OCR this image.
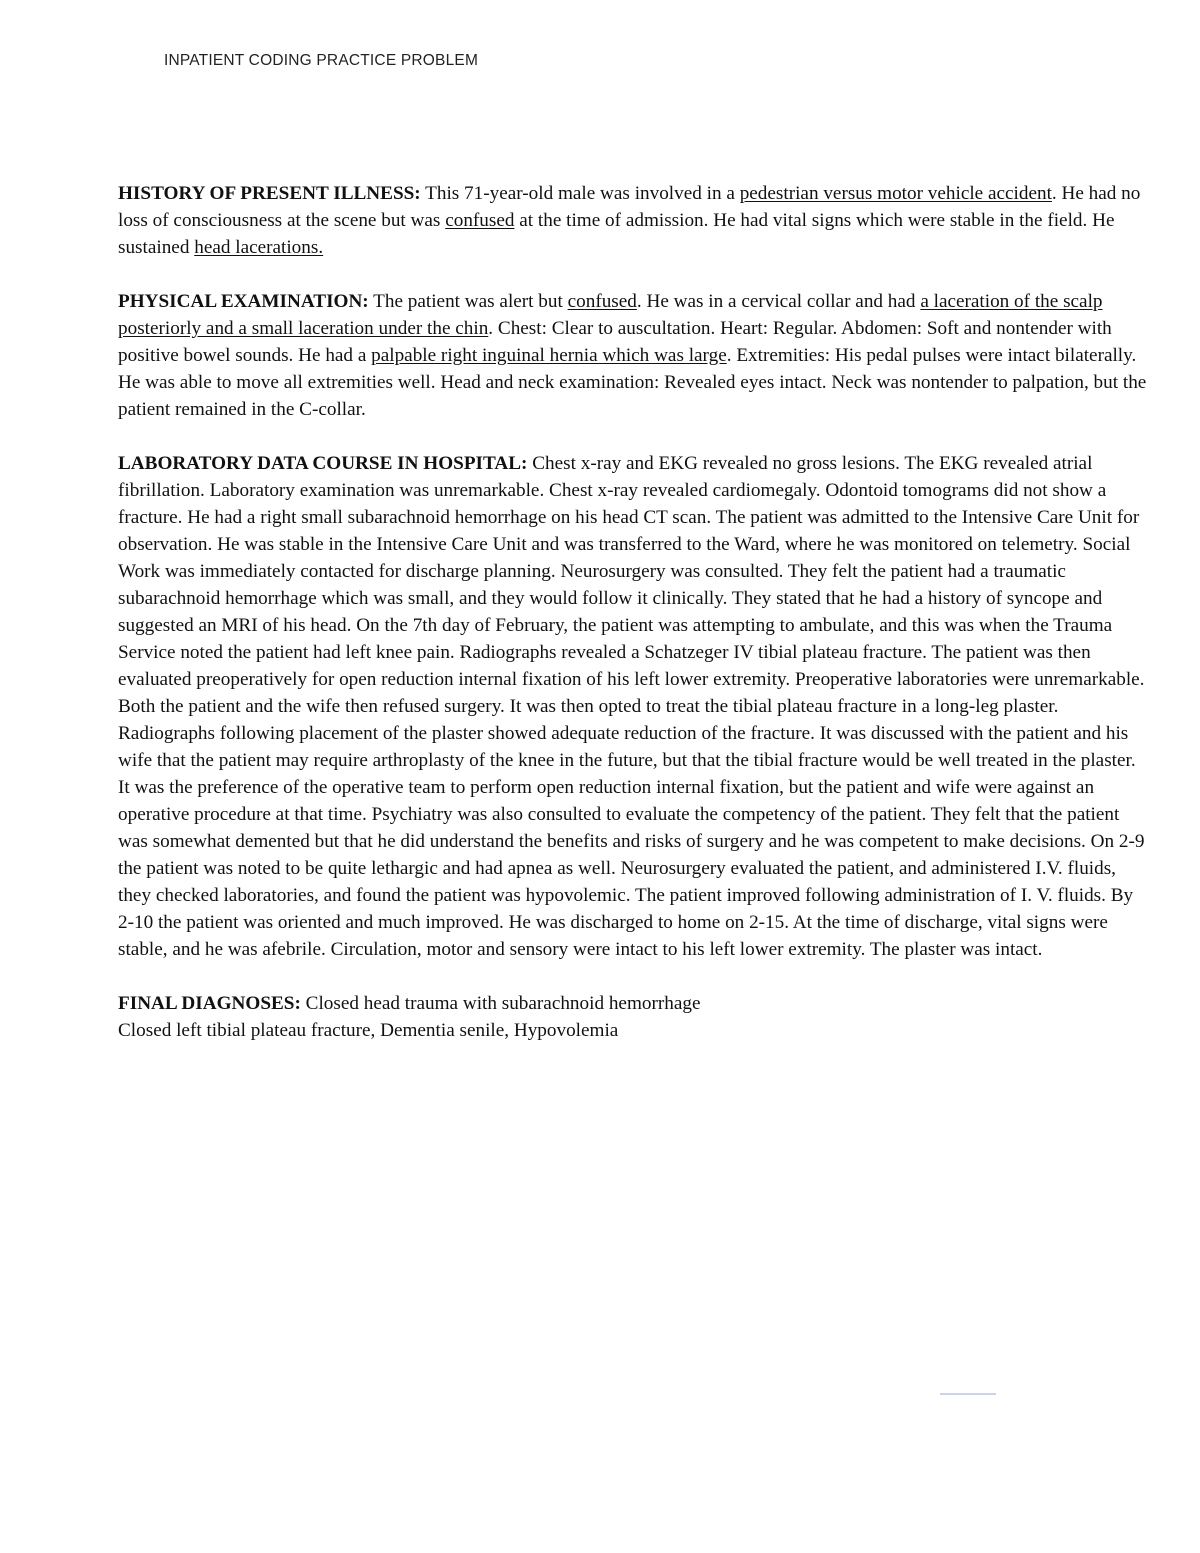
INPATIENT CODING PRACTICE PROBLEM

HISTORY OF PRESENT ILLNESS: This 71-year-old male was involved in a pedestrian versus motor vehicle accident. He had no loss of consciousness at the scene but was confused at the time of admission. He had vital signs which were stable in the field. He sustained head lacerations.

PHYSICAL EXAMINATION: The patient was alert but confused. He was in a cervical collar and had a laceration of the scalp posteriorly and a small laceration under the chin. Chest: Clear to auscultation. Heart: Regular. Abdomen: Soft and nontender with positive bowel sounds. He had a palpable right inguinal hernia which was large. Extremities: His pedal pulses were intact bilaterally. He was able to move all extremities well. Head and neck examination: Revealed eyes intact. Neck was nontender to palpation, but the patient remained in the C-collar.

LABORATORY DATA COURSE IN HOSPITAL: Chest x-ray and EKG revealed no gross lesions. The EKG revealed atrial fibrillation. Laboratory examination was unremarkable. Chest x-ray revealed cardiomegaly. Odontoid tomograms did not show a fracture. He had a right small subarachnoid hemorrhage on his head CT scan. The patient was admitted to the Intensive Care Unit for observation. He was stable in the Intensive Care Unit and was transferred to the Ward, where he was monitored on telemetry. Social Work was immediately contacted for discharge planning. Neurosurgery was consulted. They felt the patient had a traumatic subarachnoid hemorrhage which was small, and they would follow it clinically. They stated that he had a history of syncope and suggested an MRI of his head. On the 7th day of February, the patient was attempting to ambulate, and this was when the Trauma Service noted the patient had left knee pain. Radiographs revealed a Schatzeger IV tibial plateau fracture. The patient was then evaluated preoperatively for open reduction internal fixation of his left lower extremity. Preoperative laboratories were unremarkable. Both the patient and the wife then refused surgery. It was then opted to treat the tibial plateau fracture in a long-leg plaster. Radiographs following placement of the plaster showed adequate reduction of the fracture. It was discussed with the patient and his wife that the patient may require arthroplasty of the knee in the future, but that the tibial fracture would be well treated in the plaster. It was the preference of the operative team to perform open reduction internal fixation, but the patient and wife were against an operative procedure at that time. Psychiatry was also consulted to evaluate the competency of the patient. They felt that the patient was somewhat demented but that he did understand the benefits and risks of surgery and he was competent to make decisions. On 2-9 the patient was noted to be quite lethargic and had apnea as well. Neurosurgery evaluated the patient, and administered I.V. fluids, they checked laboratories, and found the patient was hypovolemic. The patient improved following administration of I. V. fluids. By 2-10 the patient was oriented and much improved. He was discharged to home on 2-15. At the time of discharge, vital signs were stable, and he was afebrile. Circulation, motor and sensory were intact to his left lower extremity. The plaster was intact.

FINAL DIAGNOSES: Closed head trauma with subarachnoid hemorrhage
Closed left tibial plateau fracture, Dementia senile, Hypovolemia
